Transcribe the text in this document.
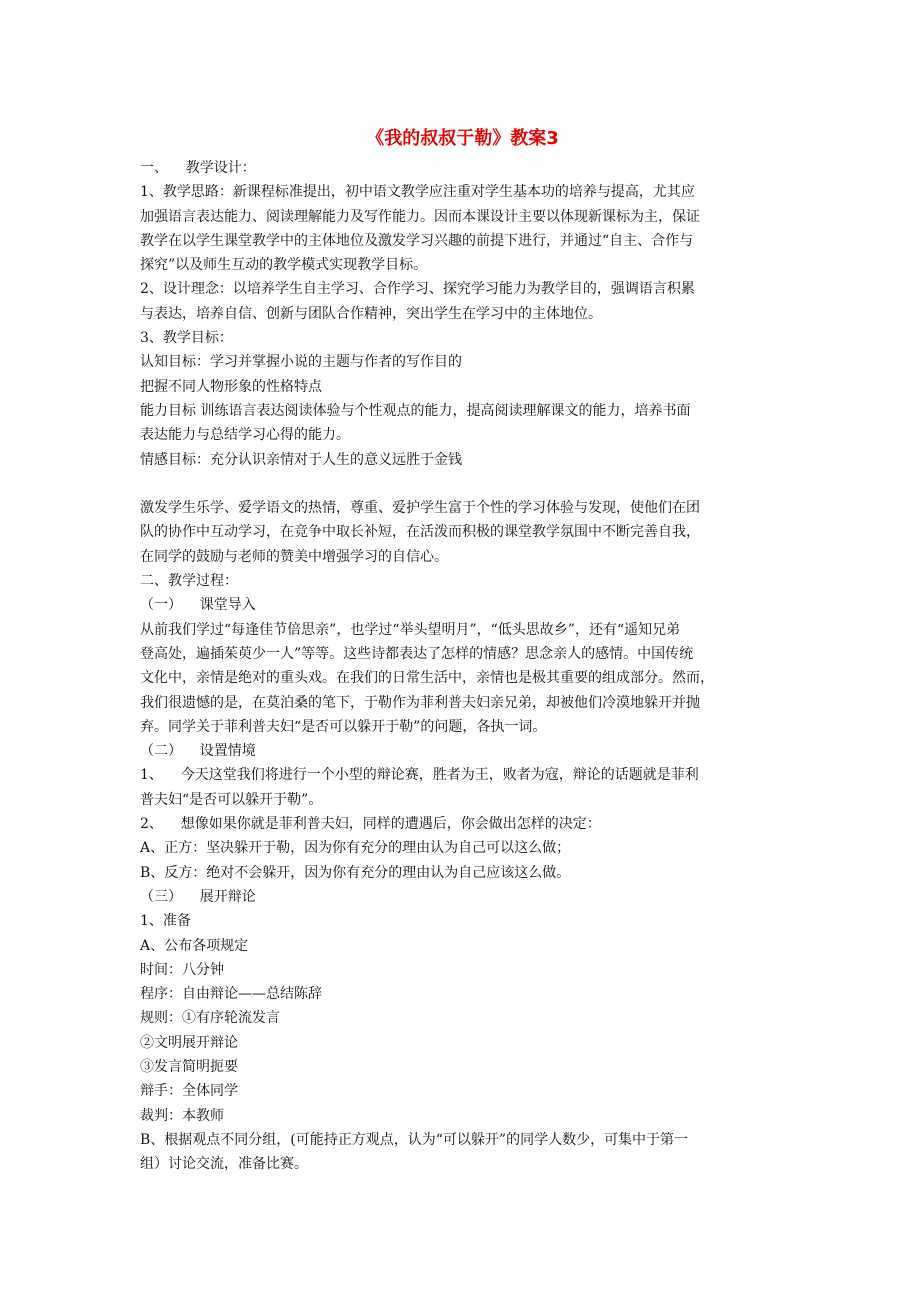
《我的叔叔于勒》教案3
一、    教学设计：
1、教学思路：新课程标准提出，初中语文教学应注重对学生基本功的培养与提高，尤其应
加强语言表达能力、阅读理解能力及写作能力。因而本课设计主要以体现新课标为主，保证
教学在以学生课堂教学中的主体地位及激发学习兴趣的前提下进行，并通过“自主、合作与
探究”以及师生互动的教学模式实现教学目标。
2、设计理念：以培养学生自主学习、合作学习、探究学习能力为教学目的，强调语言积累
与表达，培养自信、创新与团队合作精神，突出学生在学习中的主体地位。
3、教学目标：
认知目标：学习并掌握小说的主题与作者的写作目的
把握不同人物形象的性格特点
能力目标 训练语言表达阅读体验与个性观点的能力，提高阅读理解课文的能力，培养书面
表达能力与总结学习心得的能力。
情感目标：充分认识亲情对于人生的意义远胜于金钱
激发学生乐学、爱学语文的热情，尊重、爱护学生富于个性的学习体验与发现，使他们在团
队的协作中互动学习，在竞争中取长补短，在活泼而积极的课堂教学氛围中不断完善自我，
在同学的鼓励与老师的赞美中增强学习的自信心。
二、教学过程：
（一）    课堂导入
从前我们学过“每逢佳节倍思亲”，也学过“举头望明月”，“低头思故乡”，还有“遥知兄弟
登高处，遍插茱萸少一人”等等。这些诗都表达了怎样的情感？思念亲人的感情。中国传统
文化中，亲情是绝对的重头戏。在我们的日常生活中，亲情也是极其重要的组成部分。然而，
我们很遗憾的是，在莫泊桑的笔下，于勒作为菲利普夫妇亲兄弟，却被他们冷漠地躲开并抛
弃。同学关于菲利普夫妇“是否可以躲开于勒”的问题，各执一词。
（二）    设置情境
1、    今天这堂我们将进行一个小型的辩论赛，胜者为王，败者为寇，辩论的话题就是菲利
普夫妇“是否可以躲开于勒”。
2、    想像如果你就是菲利普夫妇，同样的遭遇后，你会做出怎样的决定：
A、正方：坚决躲开于勒，因为你有充分的理由认为自己可以这么做；
B、反方：绝对不会躲开，因为你有充分的理由认为自己应该这么做。
（三）    展开辩论
1、准备
A、公布各项规定
时间：八分钟
程序：自由辩论——总结陈辞
规则：①有序轮流发言
②文明展开辩论
③发言简明扼要
辩手：全体同学
裁判：本教师
B、根据观点不同分组，(可能持正方观点，认为“可以躲开”的同学人数少，可集中于第一
组）讨论交流，准备比赛。
